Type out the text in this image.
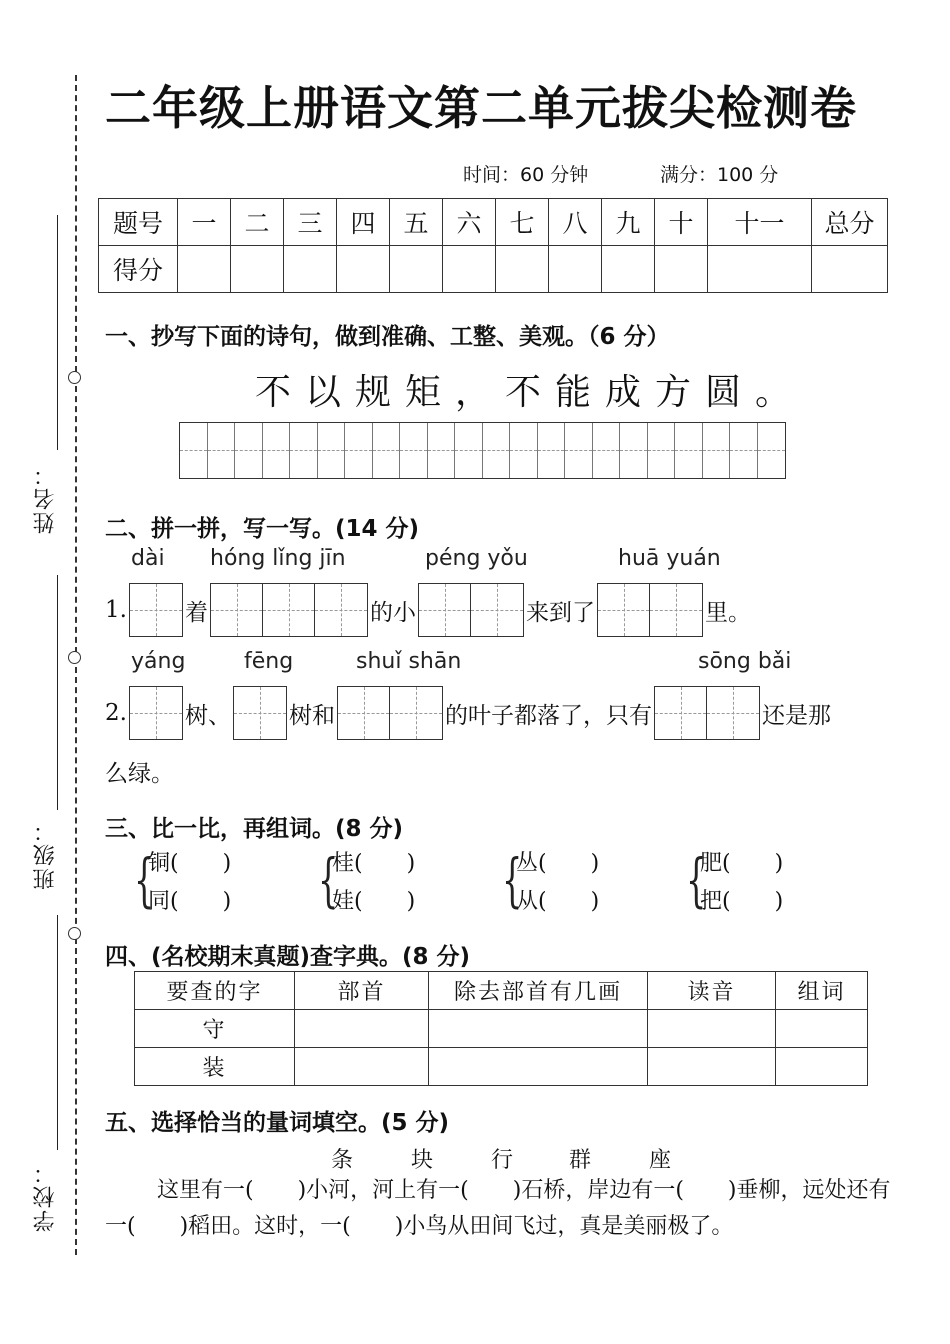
姓名：
班级：
学校：
二年级上册语文第二单元拔尖检测卷
时间：60 分钟	满分：100 分
题号	一	二	三	四	五	六	七	八	九	十	十一	总分
得分												
一、抄写下面的诗句，做到准确、工整、美观。（6 分）
不以规矩，不能成方圆。
二、拼一拼，写一写。(14 分)
dài hóng lǐng jīn	péng yǒu	huā yuán
1.	着	的小	来到了	里。
yáng	fēng	shuǐ shān	sōng bǎi
2.	树、	树和	的叶子都落了，只有	还是那
么绿。
三、比一比，再组词。(8 分)
{
铜(　　)
同(　　) {
桂(　　)
娃(　　) {
丛(　　)
从(　　) {
肥(　　)
把(　　)
四、(名校期末真题)查字典。(8 分)
要查的字	部首	除去部首有几画	读音	组词
守				
装				
五、选择恰当的量词填空。(5 分)
条	块	行	群	座
这里有一(　　)小河，河上有一(　　)石桥，岸边有一(　　)垂柳，远处还有一(　　)稻田。这时，一(　　)小鸟从田间飞过，真是美丽极了。
